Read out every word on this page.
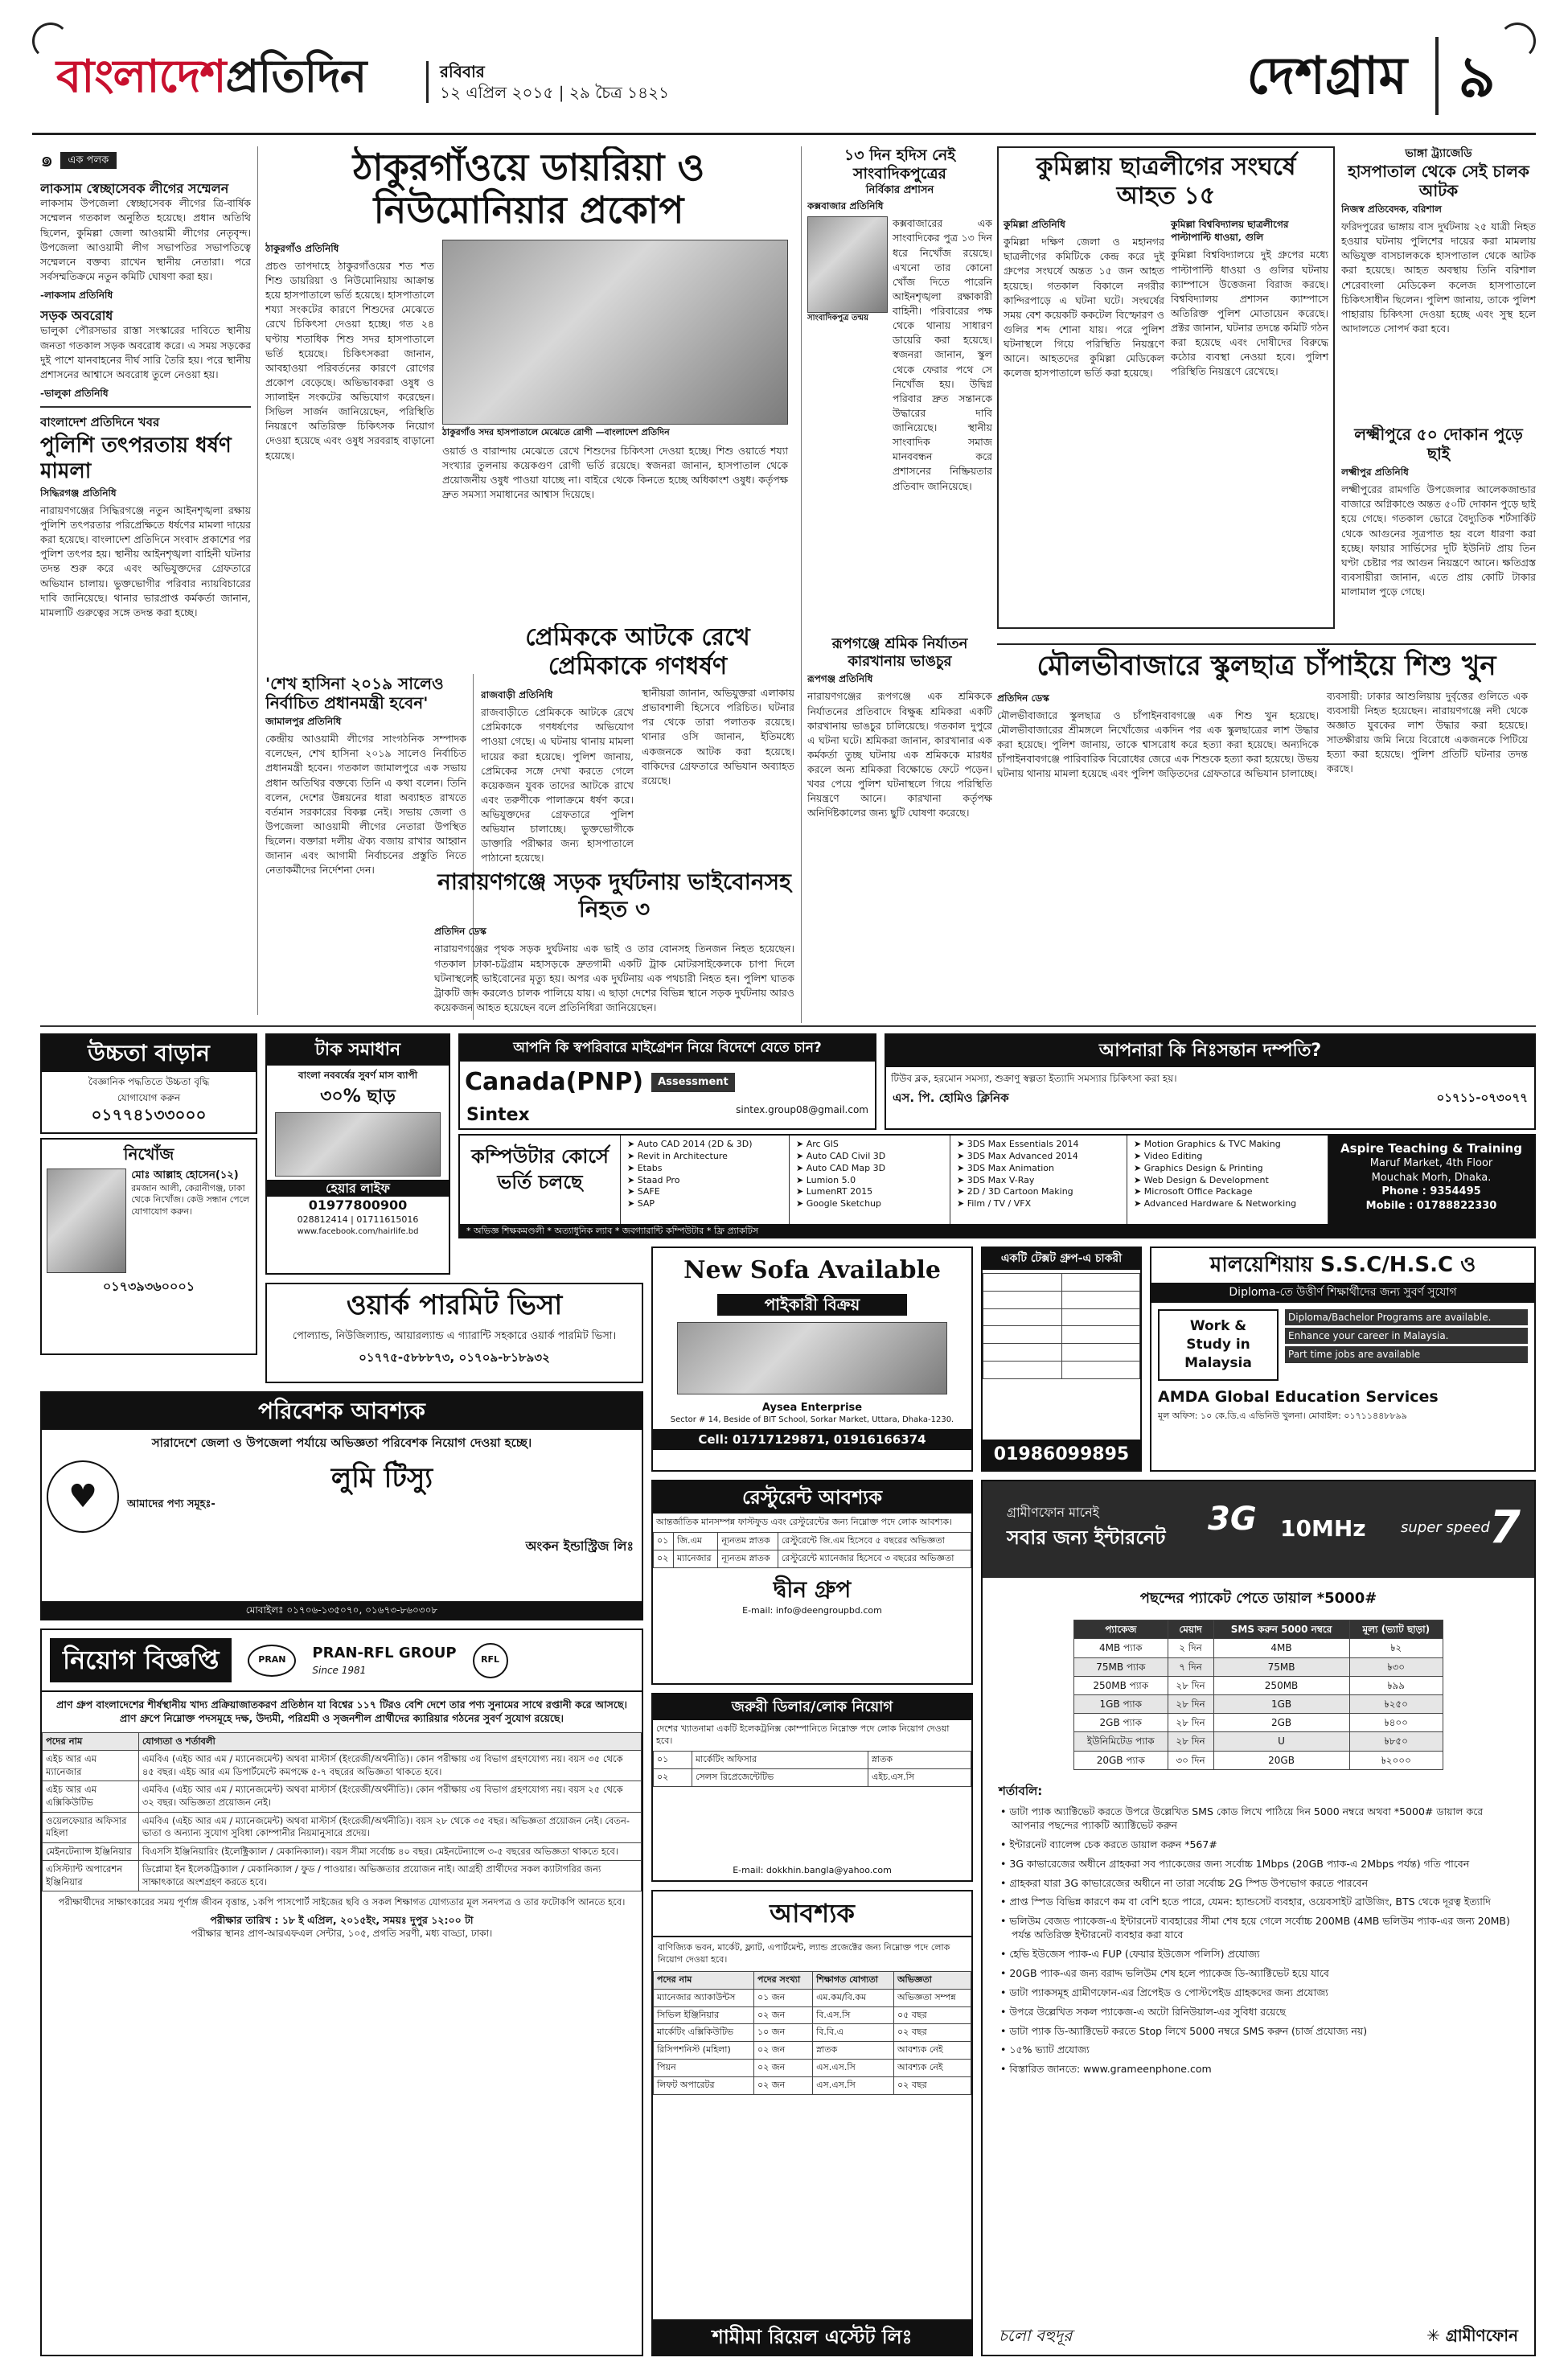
বাংলাদেশপ্রতিদিন	রবিবার
১২ এপ্রিল ২০১৫ | ২৯ চৈত্র ১৪২১	দেশগ্রাম ৯
๑	এক পলক
লাকসাম স্বেচ্ছাসেবক লীগের সম্মেলন

লাকসাম উপজেলা স্বেচ্ছাসেবক লীগের ত্রি-বার্ষিক সম্মেলন গতকাল অনুষ্ঠিত হয়েছে। প্রধান অতিথি ছিলেন, কুমিল্লা জেলা আওয়ামী লীগের নেতৃবৃন্দ। উপজেলা আওয়ামী লীগ সভাপতির সভাপতিত্বে সম্মেলনে বক্তব্য রাখেন স্থানীয় নেতারা। পরে সর্বসম্মতিক্রমে নতুন কমিটি ঘোষণা করা হয়।

-লাকসাম প্রতিনিধি
সড়ক অবরোধ

ভালুকা পৌরসভার রাস্তা সংস্কারের দাবিতে স্থানীয় জনতা গতকাল সড়ক অবরোধ করে। এ সময় সড়কের দুই পাশে যানবাহনের দীর্ঘ সারি তৈরি হয়। পরে স্থানীয় প্রশাসনের আশ্বাসে অবরোধ তুলে নেওয়া হয়।

-ভালুকা প্রতিনিধি
বাংলাদেশ প্রতিদিনে খবর
পুলিশি তৎপরতায় ধর্ষণ মামলা
সিদ্ধিরগঞ্জ প্রতিনিধি

নারায়ণগঞ্জের সিদ্ধিরগঞ্জে নতুন আইনশৃঙ্খলা রক্ষায় পুলিশি তৎপরতার পরিপ্রেক্ষিতে ধর্ষণের মামলা দায়ের করা হয়েছে। বাংলাদেশ প্রতিদিনে সংবাদ প্রকাশের পর পুলিশ তৎপর হয়। স্থানীয় আইনশৃঙ্খলা বাহিনী ঘটনার তদন্ত শুরু করে এবং অভিযুক্তদের গ্রেফতারে অভিযান চালায়। ভুক্তভোগীর পরিবার ন্যায়বিচারের দাবি জানিয়েছে। থানার ভারপ্রাপ্ত কর্মকর্তা জানান, মামলাটি গুরুত্বের সঙ্গে তদন্ত করা হচ্ছে।

ঠাকুরগাঁওয়ে ডায়রিয়া ও নিউমোনিয়ার প্রকোপ
ঠাকুরগাঁও প্রতিনিধি

প্রচণ্ড তাপদাহে ঠাকুরগাঁওয়ের শত শত শিশু ডায়রিয়া ও নিউমোনিয়ায় আক্রান্ত হয়ে হাসপাতালে ভর্তি হয়েছে। হাসপাতালে শয্যা সংকটের কারণে শিশুদের মেঝেতে রেখে চিকিৎসা দেওয়া হচ্ছে। গত ২৪ ঘণ্টায় শতাধিক শিশু সদর হাসপাতালে ভর্তি হয়েছে। চিকিৎসকরা জানান, আবহাওয়া পরিবর্তনের কারণে রোগের প্রকোপ বেড়েছে। অভিভাবকরা ওষুধ ও স্যালাইন সংকটের অভিযোগ করেছেন। সিভিল সার্জন জানিয়েছেন, পরিস্থিতি নিয়ন্ত্রণে অতিরিক্ত চিকিৎসক নিয়োগ দেওয়া হয়েছে এবং ওষুধ সরবরাহ বাড়ানো হয়েছে।

ঠাকুরগাঁও সদর হাসপাতালে মেঝেতে রোগী —বাংলাদেশ প্রতিদিন

ওয়ার্ড ও বারান্দায় মেঝেতে রেখে শিশুদের চিকিৎসা দেওয়া হচ্ছে। শিশু ওয়ার্ডে শয্যা সংখ্যার তুলনায় কয়েকগুণ রোগী ভর্তি রয়েছে। স্বজনরা জানান, হাসপাতাল থেকে প্রয়োজনীয় ওষুধ পাওয়া যাচ্ছে না। বাইরে থেকে কিনতে হচ্ছে অধিকাংশ ওষুধ। কর্তৃপক্ষ দ্রুত সমস্যা সমাধানের আশ্বাস দিয়েছে।

'শেখ হাসিনা ২০১৯ সালেও নির্বাচিত প্রধানমন্ত্রী হবেন'
জামালপুর প্রতিনিধি

কেন্দ্রীয় আওয়ামী লীগের সাংগঠনিক সম্পাদক বলেছেন, শেখ হাসিনা ২০১৯ সালেও নির্বাচিত প্রধানমন্ত্রী হবেন। গতকাল জামালপুরে এক সভায় প্রধান অতিথির বক্তব্যে তিনি এ কথা বলেন। তিনি বলেন, দেশের উন্নয়নের ধারা অব্যাহত রাখতে বর্তমান সরকারের বিকল্প নেই। সভায় জেলা ও উপজেলা আওয়ামী লীগের নেতারা উপস্থিত ছিলেন। বক্তারা দলীয় ঐক্য বজায় রাখার আহ্বান জানান এবং আগামী নির্বাচনের প্রস্তুতি নিতে নেতাকর্মীদের নির্দেশনা দেন।

প্রেমিককে আটকে রেখে প্রেমিকাকে গণধর্ষণ
রাজবাড়ী প্রতিনিধি

রাজবাড়ীতে প্রেমিককে আটকে রেখে প্রেমিকাকে গণধর্ষণের অভিযোগ পাওয়া গেছে। এ ঘটনায় থানায় মামলা দায়ের করা হয়েছে। পুলিশ জানায়, প্রেমিকের সঙ্গে দেখা করতে গেলে কয়েকজন যুবক তাদের আটকে রাখে এবং তরুণীকে পালাক্রমে ধর্ষণ করে। অভিযুক্তদের গ্রেফতারে পুলিশ অভিযান চালাচ্ছে। ভুক্তভোগীকে ডাক্তারি পরীক্ষার জন্য হাসপাতালে পাঠানো হয়েছে।

স্থানীয়রা জানান, অভিযুক্তরা এলাকায় প্রভাবশালী হিসেবে পরিচিত। ঘটনার পর থেকে তারা পলাতক রয়েছে। থানার ওসি জানান, ইতিমধ্যে একজনকে আটক করা হয়েছে। বাকিদের গ্রেফতারে অভিযান অব্যাহত রয়েছে।

নারায়ণগঞ্জে সড়ক দুর্ঘটনায় ভাইবোনসহ নিহত ৩
প্রতিদিন ডেস্ক

নারায়ণগঞ্জের পৃথক সড়ক দুর্ঘটনায় এক ভাই ও তার বোনসহ তিনজন নিহত হয়েছেন। গতকাল ঢাকা-চট্টগ্রাম মহাসড়কে দ্রুতগামী একটি ট্রাক মোটরসাইকেলকে চাপা দিলে ঘটনাস্থলেই ভাইবোনের মৃত্যু হয়। অপর এক দুর্ঘটনায় এক পথচারী নিহত হন। পুলিশ ঘাতক ট্রাকটি জব্দ করলেও চালক পালিয়ে যায়। এ ছাড়া দেশের বিভিন্ন স্থানে সড়ক দুর্ঘটনায় আরও কয়েকজন আহত হয়েছেন বলে প্রতিনিধিরা জানিয়েছেন।

১৩ দিন হদিস নেই সাংবাদিকপুত্রের
নির্বিকার প্রশাসন
কক্সবাজার প্রতিনিধি
সাংবাদিকপুত্র তন্ময়

কক্সবাজারের এক সাংবাদিকের পুত্র ১৩ দিন ধরে নিখোঁজ রয়েছে। এখনো তার কোনো খোঁজ দিতে পারেনি আইনশৃঙ্খলা রক্ষাকারী বাহিনী। পরিবারের পক্ষ থেকে থানায় সাধারণ ডায়েরি করা হয়েছে। স্বজনরা জানান, স্কুল থেকে ফেরার পথে সে নিখোঁজ হয়। উদ্বিগ্ন পরিবার দ্রুত সন্তানকে উদ্ধারের দাবি জানিয়েছে। স্থানীয় সাংবাদিক সমাজ মানববন্ধন করে প্রশাসনের নিষ্ক্রিয়তার প্রতিবাদ জানিয়েছে।

কুমিল্লায় ছাত্রলীগের সংঘর্ষে আহত ১৫
কুমিল্লা প্রতিনিধি

কুমিল্লা দক্ষিণ জেলা ও মহানগর ছাত্রলীগের কমিটিকে কেন্দ্র করে দুই গ্রুপের সংঘর্ষে অন্তত ১৫ জন আহত হয়েছে। গতকাল বিকালে নগরীর কান্দিরপাড়ে এ ঘটনা ঘটে। সংঘর্ষের সময় বেশ কয়েকটি ককটেল বিস্ফোরণ ও গুলির শব্দ শোনা যায়। পরে পুলিশ ঘটনাস্থলে গিয়ে পরিস্থিতি নিয়ন্ত্রণে আনে। আহতদের কুমিল্লা মেডিকেল কলেজ হাসপাতালে ভর্তি করা হয়েছে।

কুমিল্লা বিশ্ববিদ্যালয় ছাত্রলীগের পাল্টাপাল্টি ধাওয়া, গুলি

কুমিল্লা বিশ্ববিদ্যালয়ে দুই গ্রুপের মধ্যে পাল্টাপাল্টি ধাওয়া ও গুলির ঘটনায় ক্যাম্পাসে উত্তেজনা বিরাজ করছে। বিশ্ববিদ্যালয় প্রশাসন ক্যাম্পাসে অতিরিক্ত পুলিশ মোতায়েন করেছে। প্রক্টর জানান, ঘটনার তদন্তে কমিটি গঠন করা হয়েছে এবং দোষীদের বিরুদ্ধে কঠোর ব্যবস্থা নেওয়া হবে। পুলিশ পরিস্থিতি নিয়ন্ত্রণে রেখেছে।

ভাঙ্গা ট্র্যাজেডি
হাসপাতাল থেকে সেই চালক আটক
নিজস্ব প্রতিবেদক, বরিশাল

ফরিদপুরের ভাঙ্গায় বাস দুর্ঘটনায় ২৫ যাত্রী নিহত হওয়ার ঘটনায় পুলিশের দায়ের করা মামলায় অভিযুক্ত বাসচালককে হাসপাতাল থেকে আটক করা হয়েছে। আহত অবস্থায় তিনি বরিশাল শেরেবাংলা মেডিকেল কলেজ হাসপাতালে চিকিৎসাধীন ছিলেন। পুলিশ জানায়, তাকে পুলিশ পাহারায় চিকিৎসা দেওয়া হচ্ছে এবং সুস্থ হলে আদালতে সোপর্দ করা হবে।

লক্ষ্মীপুরে ৫০ দোকান পুড়ে ছাই
লক্ষ্মীপুর প্রতিনিধি

লক্ষ্মীপুরের রামগতি উপজেলার আলেকজান্ডার বাজারে অগ্নিকাণ্ডে অন্তত ৫০টি দোকান পুড়ে ছাই হয়ে গেছে। গতকাল ভোরে বৈদ্যুতিক শর্টসার্কিট থেকে আগুনের সূত্রপাত হয় বলে ধারণা করা হচ্ছে। ফায়ার সার্ভিসের দুটি ইউনিট প্রায় তিন ঘণ্টা চেষ্টার পর আগুন নিয়ন্ত্রণে আনে। ক্ষতিগ্রস্ত ব্যবসায়ীরা জানান, এতে প্রায় কোটি টাকার মালামাল পুড়ে গেছে।

রূপগঞ্জে শ্রমিক নির্যাতন কারখানায় ভাঙচুর
রূপগঞ্জ প্রতিনিধি

নারায়ণগঞ্জের রূপগঞ্জে এক শ্রমিককে নির্যাতনের প্রতিবাদে বিক্ষুব্ধ শ্রমিকরা একটি কারখানায় ভাঙচুর চালিয়েছে। গতকাল দুপুরে এ ঘটনা ঘটে। শ্রমিকরা জানান, কারখানার এক কর্মকর্তা তুচ্ছ ঘটনায় এক শ্রমিককে মারধর করলে অন্য শ্রমিকরা বিক্ষোভে ফেটে পড়েন। খবর পেয়ে পুলিশ ঘটনাস্থলে গিয়ে পরিস্থিতি নিয়ন্ত্রণে আনে। কারখানা কর্তৃপক্ষ অনির্দিষ্টকালের জন্য ছুটি ঘোষণা করেছে।

মৌলভীবাজারে স্কুলছাত্র চাঁপাইয়ে শিশু খুন
প্রতিদিন ডেস্ক

মৌলভীবাজারে স্কুলছাত্র ও চাঁপাইনবাবগঞ্জে এক শিশু খুন হয়েছে। মৌলভীবাজারের শ্রীমঙ্গলে নিখোঁজের একদিন পর এক স্কুলছাত্রের লাশ উদ্ধার করা হয়েছে। পুলিশ জানায়, তাকে শ্বাসরোধ করে হত্যা করা হয়েছে। অন্যদিকে চাঁপাইনবাবগঞ্জে পারিবারিক বিরোধের জেরে এক শিশুকে হত্যা করা হয়েছে। উভয় ঘটনায় থানায় মামলা হয়েছে এবং পুলিশ জড়িতদের গ্রেফতারে অভিযান চালাচ্ছে।

ব্যবসায়ী: ঢাকার আশুলিয়ায় দুর্বৃত্তের গুলিতে এক ব্যবসায়ী নিহত হয়েছেন। নারায়ণগঞ্জে নদী থেকে অজ্ঞাত যুবকের লাশ উদ্ধার করা হয়েছে। সাতক্ষীরায় জমি নিয়ে বিরোধে একজনকে পিটিয়ে হত্যা করা হয়েছে। পুলিশ প্রতিটি ঘটনার তদন্ত করছে।

উচ্চতা বাড়ান
বৈজ্ঞানিক পদ্ধতিতে উচ্চতা বৃদ্ধি
যোগাযোগ করুন
০১৭৭৪১৩৩০০০
নিখোঁজ
মোঃ আল্লাহ হোসেন(১২)
রমজান আলী, কেরানীগঞ্জ, ঢাকা থেকে নিখোঁজ। কেউ সন্ধান পেলে যোগাযোগ করুন।
০১৭৩৯৩৬০০০১
টাক সমাধান
বাংলা নববর্ষের সুবর্ণ মাস ব্যাপী
৩০% ছাড়
হেয়ার লাইফ
01977800900
028812414 | 01711615016
www.facebook.com/hairlife.bd
আপনি কি স্বপরিবারে মাইগ্রেশন নিয়ে বিদেশে যেতে চান?
Canada(PNP)	Assessment
Sintex	sintex.group08@gmail.com
আপনারা কি নিঃসন্তান দম্পতি?
টিউব ব্লক, হরমোন সমস্যা, শুক্রাণু স্বল্পতা ইত্যাদি সমস্যার চিকিৎসা করা হয়।
এস. পি. হোমিও ক্লিনিক	০১৭১১-০৭৩০৭৭
কম্পিউটার কোর্সে ভর্তি চলছে
➤ Auto CAD 2014 (2D & 3D)
➤ Revit in Architecture
➤ Etabs
➤ Staad Pro
➤ SAFE
➤ SAP
➤ Arc GIS
➤ Auto CAD Civil 3D
➤ Auto CAD Map 3D
➤ Lumion 5.0
➤ LumenRT 2015
➤ Google Sketchup
➤ 3DS Max Essentials 2014
➤ 3DS Max Advanced 2014
➤ 3DS Max Animation
➤ 3DS Max V-Ray
➤ 2D / 3D Cartoon Making
➤ Film / TV / VFX
➤ Motion Graphics & TVC Making
➤ Video Editing
➤ Graphics Design & Printing
➤ Web Design & Development
➤ Microsoft Office Package
➤ Advanced Hardware & Networking
Aspire Teaching & Training
Maruf Market, 4th Floor
Mouchak Morh, Dhaka.
Phone : 9354495
Mobile : 01788822330
* অভিজ্ঞ শিক্ষকমণ্ডলী * অত্যাধুনিক ল্যাব * জবগ্যারান্টি কম্পিউটার * ফ্রি প্র্যাকটিস
ওয়ার্ক পারমিট ভিসা
পোল্যান্ড, নিউজিল্যান্ড, আয়ারল্যান্ড এ গ্যারান্টি সহকারে ওয়ার্ক পারমিট ভিসা।
০১৭৭৫-৫৮৮৮৭৩, ০১৭০৯-৮১৮৯৩২
New Sofa Available
পাইকারী বিক্রয়
Aysea Enterprise
Sector # 14, Beside of BIT School, Sorkar Market, Uttara, Dhaka-1230.
Cell: 01717129871, 01916166374
একটি টেক্সট গ্রুপ-এ চাকরী

01986099895
মালয়েশিয়ায় S.S.C/H.S.C ও
Diploma-তে উত্তীর্ণ শিক্ষার্থীদের জন্য সুবর্ণ সুযোগ
Work & Study in Malaysia
Diploma/Bachelor Programs are available.
Enhance your career in Malaysia.
Part time jobs are available
AMDA Global Education Services
মূল অফিস: ১০ কে.ডি.এ এভিনিউ খুলনা। মোবাইল: ০১৭১১৪৪৮৮৯৯
পরিবেশক আবশ্যক
সারাদেশে জেলা ও উপজেলা পর্যায়ে অভিজ্ঞতা পরিবেশক নিয়োগ দেওয়া হচ্ছে।
♥	লুমি টিস্যু
আমাদের পণ্য সমূহঃ-
অংকন ইন্ডাস্ট্রিজ লিঃ
মোবাইলঃ ০১৭০৬-১৩৫০৭০, ০১৬৭৩-৮৬০৩০৮
রেস্টুরেন্ট আবশ্যক
আন্তর্জাতিক মানসম্পন্ন ফাস্টফুড এবং রেস্টুরেন্টের জন্য নিম্নোক্ত পদে লোক আবশ্যক।
০১	জি.এম	ন্যূনতম স্নাতক	রেস্টুরেন্টে জি.এম হিসেবে ৫ বছরের অভিজ্ঞতা
০২	ম্যানেজার	ন্যূনতম স্নাতক	রেস্টুরেন্টে ম্যানেজার হিসেবে ৩ বছরের অভিজ্ঞতা
দ্বীন গ্রুপ
E-mail: info@deengroupbd.com
গ্রামীণফোন মানেই
সবার জন্য ইন্টারনেট 3G 10MHz super speed 7
পছন্দের প্যাকেট পেতে ডায়াল *5000#
প্যাকেজ	মেয়াদ	SMS করুন 5000 নম্বরে	মূল্য (ভ্যাট ছাড়া)
4MB প্যাক	২ দিন	4MB	৳২
75MB প্যাক	৭ দিন	75MB	৳৩০
250MB প্যাক	২৮ দিন	250MB	৳৯৯
1GB প্যাক	২৮ দিন	1GB	৳২৫০
2GB প্যাক	২৮ দিন	2GB	৳৪০০
ইউনিমিটেড প্যাক	২৮ দিন	U	৳৮৫০
20GB প্যাক	৩০ দিন	20GB	৳২০০০
শর্তাবলি:
• ডাটা প্যাক অ্যাক্টিভেট করতে উপরে উল্লেখিত SMS কোড লিখে পাঠিয়ে দিন 5000 নম্বরে অথবা *5000# ডায়াল করে আপনার পছন্দের প্যাকটি অ্যাক্টিভেট করুন
• ইন্টারনেট ব্যালেন্স চেক করতে ডায়াল করুন *567#
• 3G কাভারেজের অধীনে গ্রাহকরা সব প্যাকেজের জন্য সর্বোচ্চ 1Mbps (20GB প্যাক-এ 2Mbps পর্যন্ত) গতি পাবেন
• গ্রাহকরা যারা 3G কাভারেজের অধীনে না তারা সর্বোচ্চ 2G স্পিড উপভোগ করতে পারবেন
• প্রাপ্ত স্পিড বিভিন্ন কারণে কম বা বেশি হতে পারে, যেমন: হ্যান্ডসেট ব্যবহার, ওয়েবসাইট ব্রাউজিং, BTS থেকে দূরত্ব ইত্যাদি
• ভলিউম বেজড প্যাকেজ-এ ইন্টারনেট ব্যবহারের সীমা শেষ হয়ে গেলে সর্বোচ্চ 200MB (4MB ভলিউম প্যাক-এর জন্য 20MB) পর্যন্ত অতিরিক্ত ইন্টারনেট ব্যবহার করা যাবে
• হেভি ইউজেস প্যাক-এ FUP (ফেয়ার ইউজেস পলিসি) প্রযোজ্য
• 20GB প্যাক-এর জন্য বরাদ্দ ভলিউম শেষ হলে প্যাকেজ ডি-অ্যাক্টিভেট হয়ে যাবে
• ডাটা প্যাকসমূহ গ্রামীণফোন-এর প্রিপেইড ও পোস্টপেইড গ্রাহকদের জন্য প্রযোজ্য
• উপরে উল্লেখিত সকল প্যাকেজ-এ অটো রিনিউয়াল-এর সুবিধা রয়েছে
• ডাটা প্যাক ডি-অ্যাক্টিভেট করতে Stop লিখে 5000 নম্বরে SMS করুন (চার্জ প্রযোজ্য নয়)
• ১৫% ভ্যাট প্রযোজ্য
• বিস্তারিত জানতে: www.grameenphone.com
চলো বহুদূর	✳ গ্রামীণফোন
জরুরী ডিলার/লোক নিয়োগ
দেশের খ্যাতনামা একটি ইলেকট্রনিক্স কোম্পানিতে নিম্নোক্ত পদে লোক নিয়োগ দেওয়া হবে।
০১	মার্কেটিং অফিসার	স্নাতক
০২	সেলস রিপ্রেজেন্টেটিভ	এইচ.এস.সি
E-mail: dokkhin.bangla@yahoo.com
আবশ্যক
বাণিজ্যিক ভবন, মার্কেট, ফ্ল্যাট, এপার্টমেন্ট, ল্যান্ড প্রজেক্টের জন্য নিম্নোক্ত পদে লোক নিয়োগ দেওয়া হবে।
পদের নাম	পদের সংখ্যা	শিক্ষাগত যোগ্যতা	অভিজ্ঞতা
ম্যানেজার অ্যাকাউন্টস	০১ জন	এম.কম/বি.কম	অভিজ্ঞতা সম্পন্ন
সিভিল ইঞ্জিনিয়ার	০২ জন	বি.এস.সি	০৫ বছর
মার্কেটিং এক্সিকিউটিভ	১০ জন	বি.বি.এ	০২ বছর
রিসিপশনিস্ট (মহিলা)	০২ জন	স্নাতক	আবশ্যক নেই
পিয়ন	০২ জন	এস.এস.সি	আবশ্যক নেই
লিফট অপারেটর	০২ জন	এস.এস.সি	০২ বছর
শামীমা রিয়েল এস্টেট লিঃ
নিয়োগ বিজ্ঞপ্তি	PRAN	PRAN-RFL GROUP
Since 1981
RFL
প্রাণ গ্রুপ বাংলাদেশের শীর্ষস্থানীয় খাদ্য প্রক্রিয়াজাতকরণ প্রতিষ্ঠান যা বিশ্বের ১১৭ টিরও বেশি দেশে তার পণ্য সুনামের সাথে রপ্তানী করে আসছে। প্রাণ গ্রুপে নিম্নোক্ত পদসমূহে দক্ষ, উদ্যমী, পরিশ্রমী ও সৃজনশীল প্রার্থীদের ক্যারিয়ার গঠনের সুবর্ণ সুযোগ রয়েছে।
পদের নাম	যোগ্যতা ও শর্তাবলী
এইচ আর এম ম্যানেজার	এমবিএ (এইচ আর এম / ম্যানেজমেন্ট) অথবা মাস্টার্স (ইংরেজী/অর্থনীতি)। কোন পরীক্ষায় ৩য় বিভাগ গ্রহণযোগ্য নয়। বয়স ৩৫ থেকে ৪৫ বছর। এইচ আর এম ডিপার্টমেন্টে কমপক্ষে ৫-৭ বছরের অভিজ্ঞতা থাকতে হবে।
এইচ আর এম এক্সিকিউটিভ	এমবিএ (এইচ আর এম / ম্যানেজমেন্ট) অথবা মাস্টার্স (ইংরেজী/অর্থনীতি)। কোন পরীক্ষায় ৩য় বিভাগ গ্রহণযোগ্য নয়। বয়স ২৫ থেকে ৩২ বছর। অভিজ্ঞতা প্রয়োজন নেই।
ওয়েলফেয়ার অফিসার মহিলা	এমবিএ (এইচ আর এম / ম্যানেজমেন্ট) অথবা মাস্টার্স (ইংরেজী/অর্থনীতি)। বয়স ২৮ থেকে ৩৫ বছর। অভিজ্ঞতা প্রয়োজন নেই। বেতন-ভাতা ও অন্যান্য সুযোগ সুবিধা কোম্পানীর নিয়মানুসারে প্রদেয়।
মেইনটেন্যান্স ইঞ্জিনিয়ার	বিএসসি ইঞ্জিনিয়ারিং (ইলেক্ট্রিক্যাল / মেকানিক্যাল)। বয়স সীমা সর্বোচ্চ ৪০ বছর। মেইনটেন্যান্সে ৩-৫ বছরের অভিজ্ঞতা থাকতে হবে।
এসিস্ট্যান্ট অপারেশন ইঞ্জিনিয়ার	ডিপ্লোমা ইন ইলেকট্রিক্যাল / মেকানিক্যাল / ফুড / পাওয়ার। অভিজ্ঞতার প্রয়োজন নাই। আগ্রহী প্রার্থীদের সকল ক্যাটাগরির জন্য সাক্ষাৎকারে অংশগ্রহণ করতে হবে।
পরীক্ষার্থীদের সাক্ষাৎকারের সময় পূর্ণাঙ্গ জীবন বৃত্তান্ত, ১কপি পাসপোর্ট সাইজের ছবি ও সকল শিক্ষাগত যোগ্যতার মূল সনদপত্র ও তার ফটোকপি আনতে হবে।
পরীক্ষার তারিখ : ১৮ ই এপ্রিল, ২০১৫ইং, সময়ঃ দুপুর ১২:০০ টা
পরীক্ষার স্থানঃ প্রাণ-আরএফএল সেন্টার, ১০৫, প্রগতি সরণী, মধ্য বাড্ডা, ঢাকা।
